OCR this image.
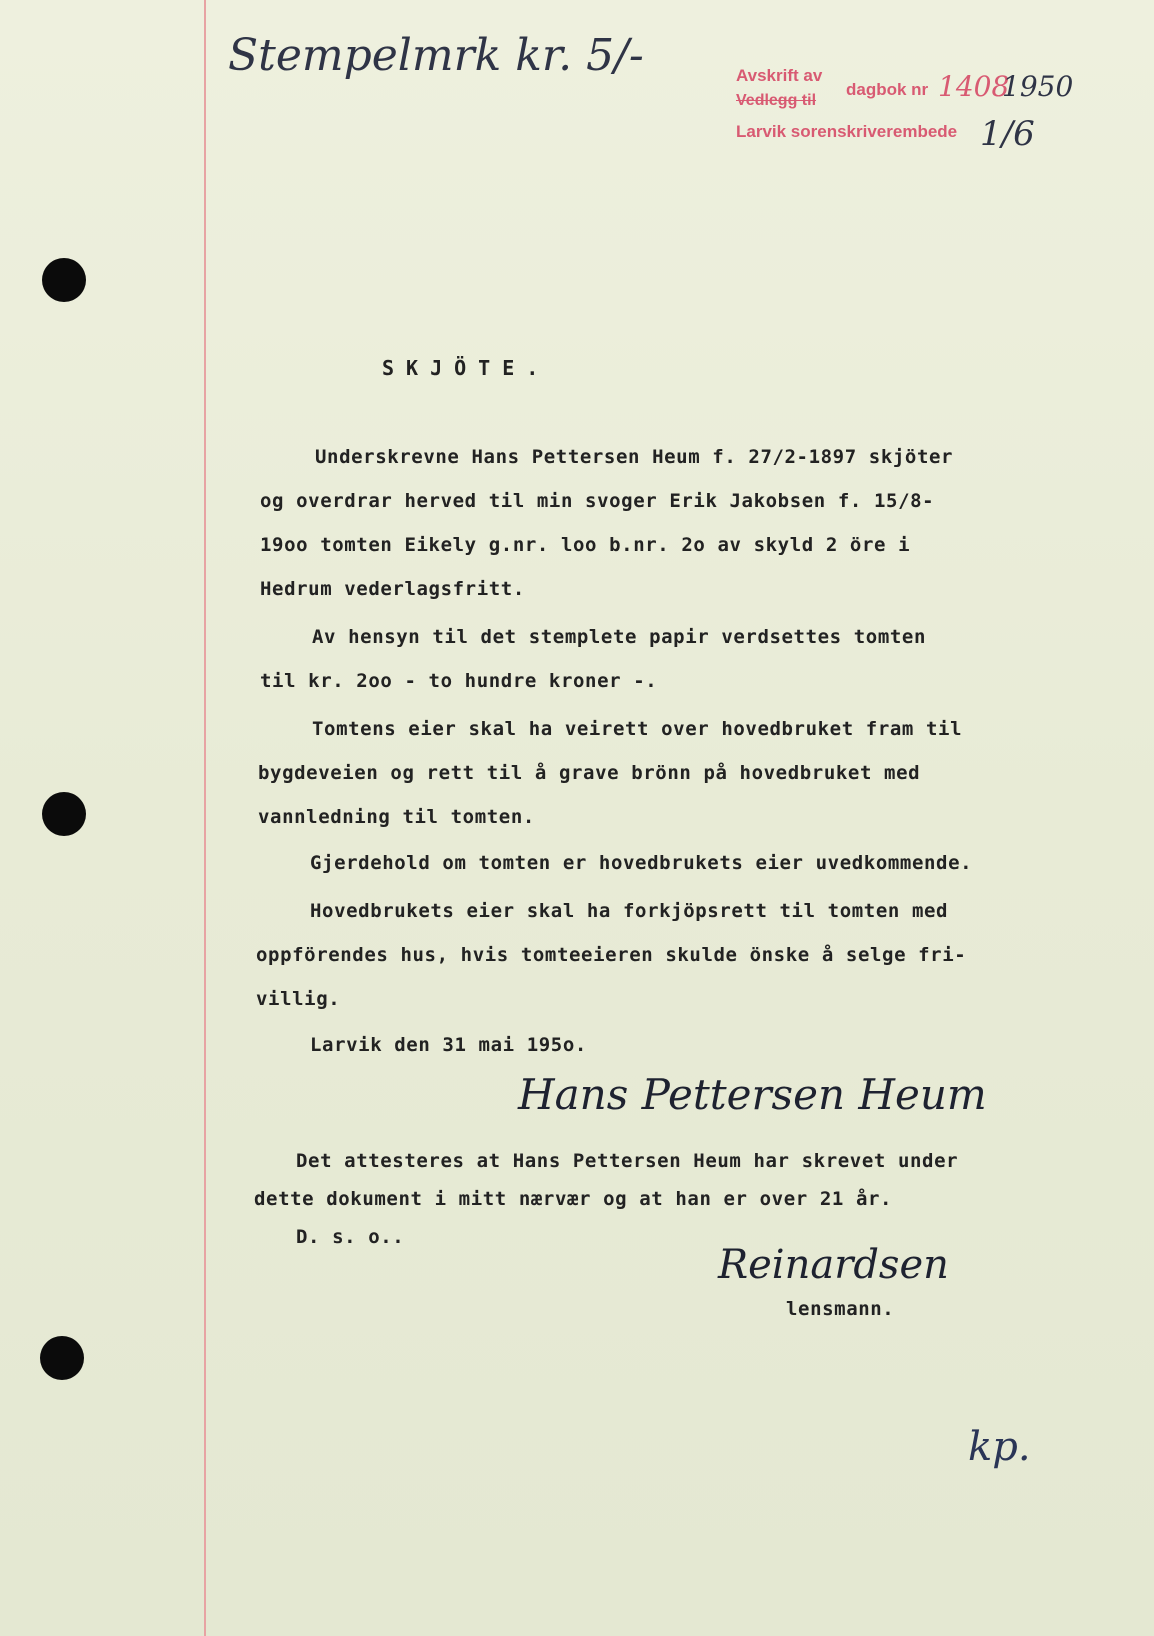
Stempelmrk kr. 5/-	Avskrift av
dagbok nr 1408
1950
Vedlegg til
Larvik sorenskriverembede 1/6
SKJÖTE.
Underskrevne Hans Pettersen Heum f. 27/2-1897 skjöter
og overdrar herved til min svoger Erik Jakobsen f. 15/8-
19oo tomten Eikely g.nr. loo b.nr. 2o av skyld 2 öre i
Hedrum vederlagsfritt.
Av hensyn til det stemplete papir verdsettes tomten
til kr. 2oo - to hundre kroner -.
Tomtens eier skal ha veirett over hovedbruket fram til
bygdeveien og rett til å grave brönn på hovedbruket med
vannledning til tomten.
Gjerdehold om tomten er hovedbrukets eier uvedkommende.
Hovedbrukets eier skal ha forkjöpsrett til tomten med
oppförendes hus, hvis tomteeieren skulde önske å selge fri-
villig.
Larvik den 31 mai 195o.
Hans Pettersen Heum
Det attesteres at Hans Pettersen Heum har skrevet under
dette dokument i mitt nærvær og at han er over 21 år.
D. s. o..
Reinardsen
lensmann.
kp.
